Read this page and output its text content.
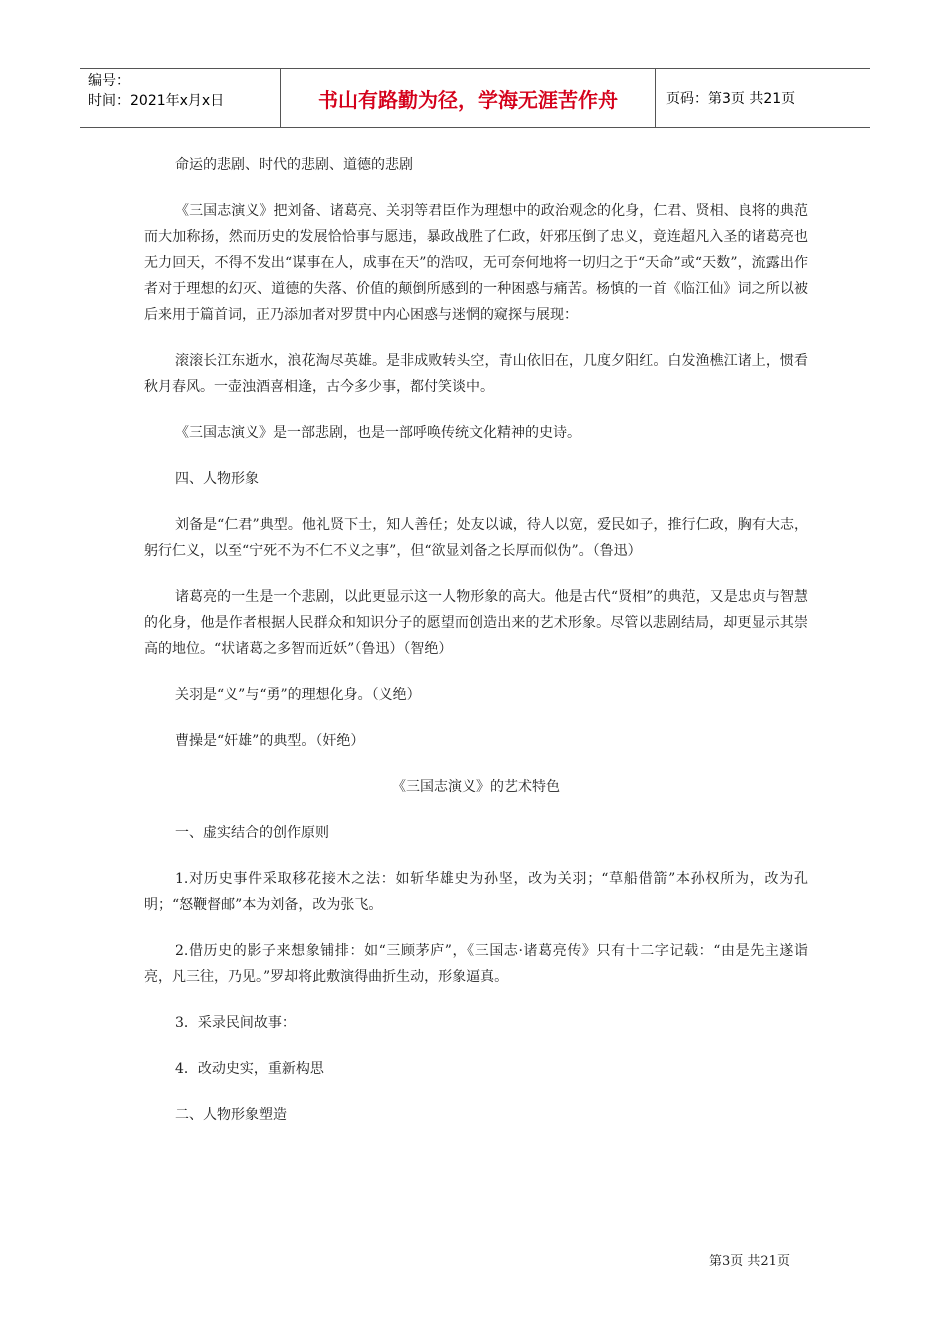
编号：
时间：2021年x月x日	书山有路勤为径，学海无涯苦作舟	页码：第3页 共21页

命运的悲剧、时代的悲剧、道德的悲剧

《三国志演义》把刘备、诸葛亮、关羽等君臣作为理想中的政治观念的化身，仁君、贤相、良将的典范而大加称扬，然而历史的发展恰恰事与愿违，暴政战胜了仁政，奸邪压倒了忠义，竟连超凡入圣的诸葛亮也无力回天，不得不发出“谋事在人，成事在天”的浩叹，无可奈何地将一切归之于“天命”或“天数”，流露出作者对于理想的幻灭、道德的失落、价值的颠倒所感到的一种困惑与痛苦。杨慎的一首《临江仙》词之所以被后来用于篇首词，正乃添加者对罗贯中内心困惑与迷惘的窥探与展现：

滚滚长江东逝水，浪花淘尽英雄。是非成败转头空，青山依旧在，几度夕阳红。白发渔樵江诸上，惯看秋月春风。一壶浊酒喜相逢，古今多少事，都付笑谈中。

《三国志演义》是一部悲剧，也是一部呼唤传统文化精神的史诗。

四、人物形象

刘备是“仁君”典型。他礼贤下士，知人善任；处友以诚，待人以宽，爱民如子，推行仁政，胸有大志，躬行仁义，以至“宁死不为不仁不义之事”，但“欲显刘备之长厚而似伪”。（鲁迅）

诸葛亮的一生是一个悲剧，以此更显示这一人物形象的高大。他是古代“贤相”的典范，又是忠贞与智慧的化身，他是作者根据人民群众和知识分子的愿望而创造出来的艺术形象。尽管以悲剧结局，却更显示其崇高的地位。“状诸葛之多智而近妖”（鲁迅）（智绝）

关羽是“义”与“勇”的理想化身。（义绝）

曹操是“奸雄”的典型。（奸绝）

《三国志演义》的艺术特色

一、虚实结合的创作原则

1.对历史事件采取移花接木之法：如斩华雄史为孙坚，改为关羽；“草船借箭”本孙权所为，改为孔明；“怒鞭督邮”本为刘备，改为张飞。

2.借历史的影子来想象铺排：如“三顾茅庐”，《三国志·诸葛亮传》只有十二字记载：“由是先主遂诣亮，凡三往，乃见。”罗却将此敷演得曲折生动，形象逼真。

3．采录民间故事：

4．改动史实，重新构思

二、人物形象塑造

第3页 共21页
